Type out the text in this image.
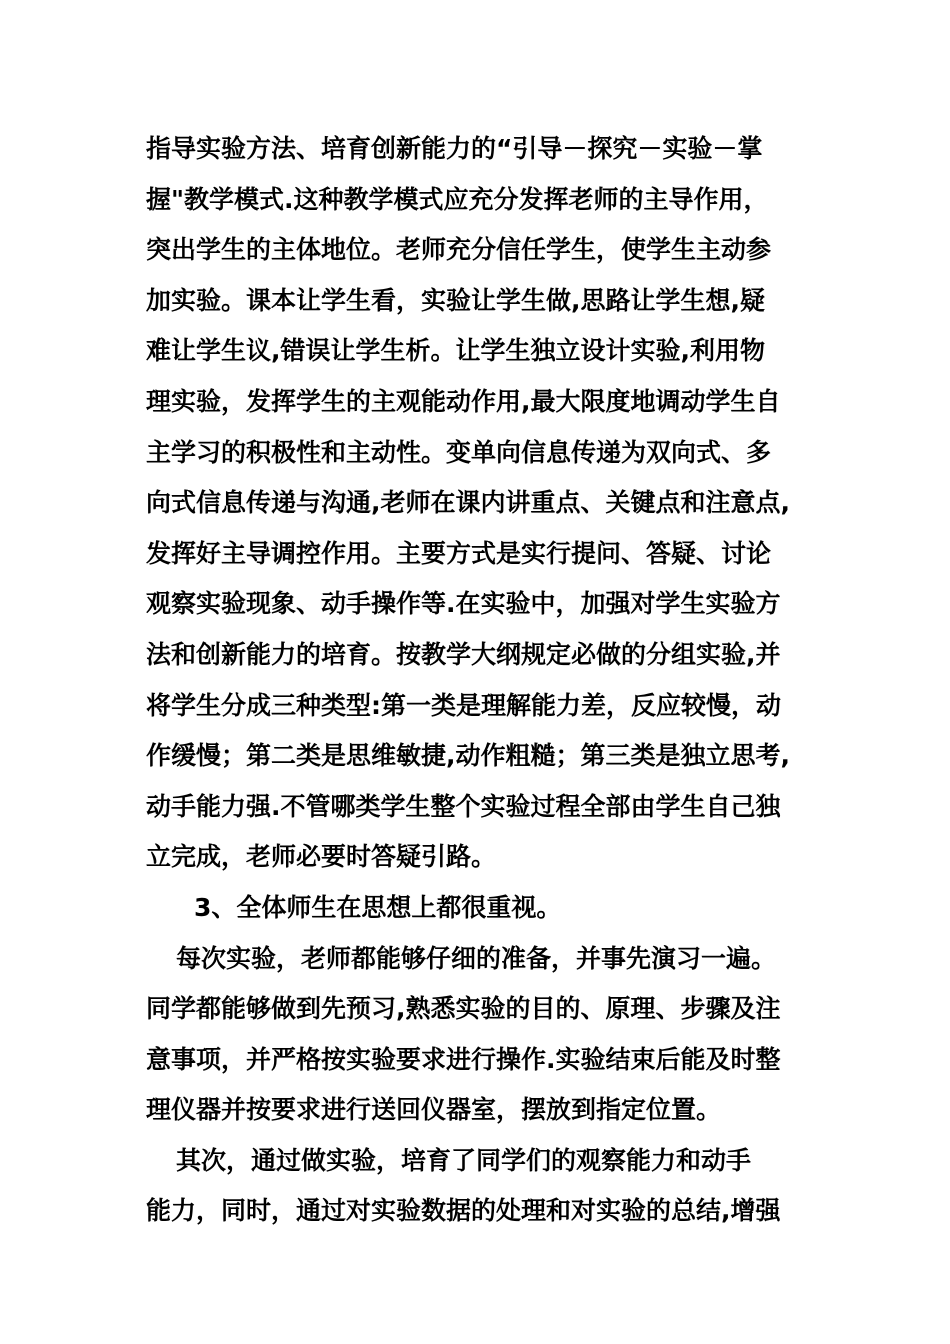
指导实验方法、培育创新能力的“引导－探究－实验－掌
握"教学模式.这种教学模式应充分发挥老师的主导作用，
突出学生的主体地位。老师充分信任学生，使学生主动参
加实验。课本让学生看，实验让学生做,思路让学生想,疑
难让学生议,错误让学生析。让学生独立设计实验,利用物
理实验，发挥学生的主观能动作用,最大限度地调动学生自
主学习的积极性和主动性。变单向信息传递为双向式、多
向式信息传递与沟通,老师在课内讲重点、关键点和注意点,
发挥好主导调控作用。主要方式是实行提问、答疑、讨论
观察实验现象、动手操作等.在实验中，加强对学生实验方
法和创新能力的培育。按教学大纲规定必做的分组实验,并
将学生分成三种类型:第一类是理解能力差，反应较慢，动
作缓慢；第二类是思维敏捷,动作粗糙；第三类是独立思考,
动手能力强.不管哪类学生整个实验过程全部由学生自己独
立完成，老师必要时答疑引路。
3、全体师生在思想上都很重视。
每次实验，老师都能够仔细的准备，并事先演习一遍。
同学都能够做到先预习,熟悉实验的目的、原理、步骤及注
意事项，并严格按实验要求进行操作.实验结束后能及时整
理仪器并按要求进行送回仪器室，摆放到指定位置。
其次，通过做实验，培育了同学们的观察能力和动手
能力，同时，通过对实验数据的处理和对实验的总结,增强
